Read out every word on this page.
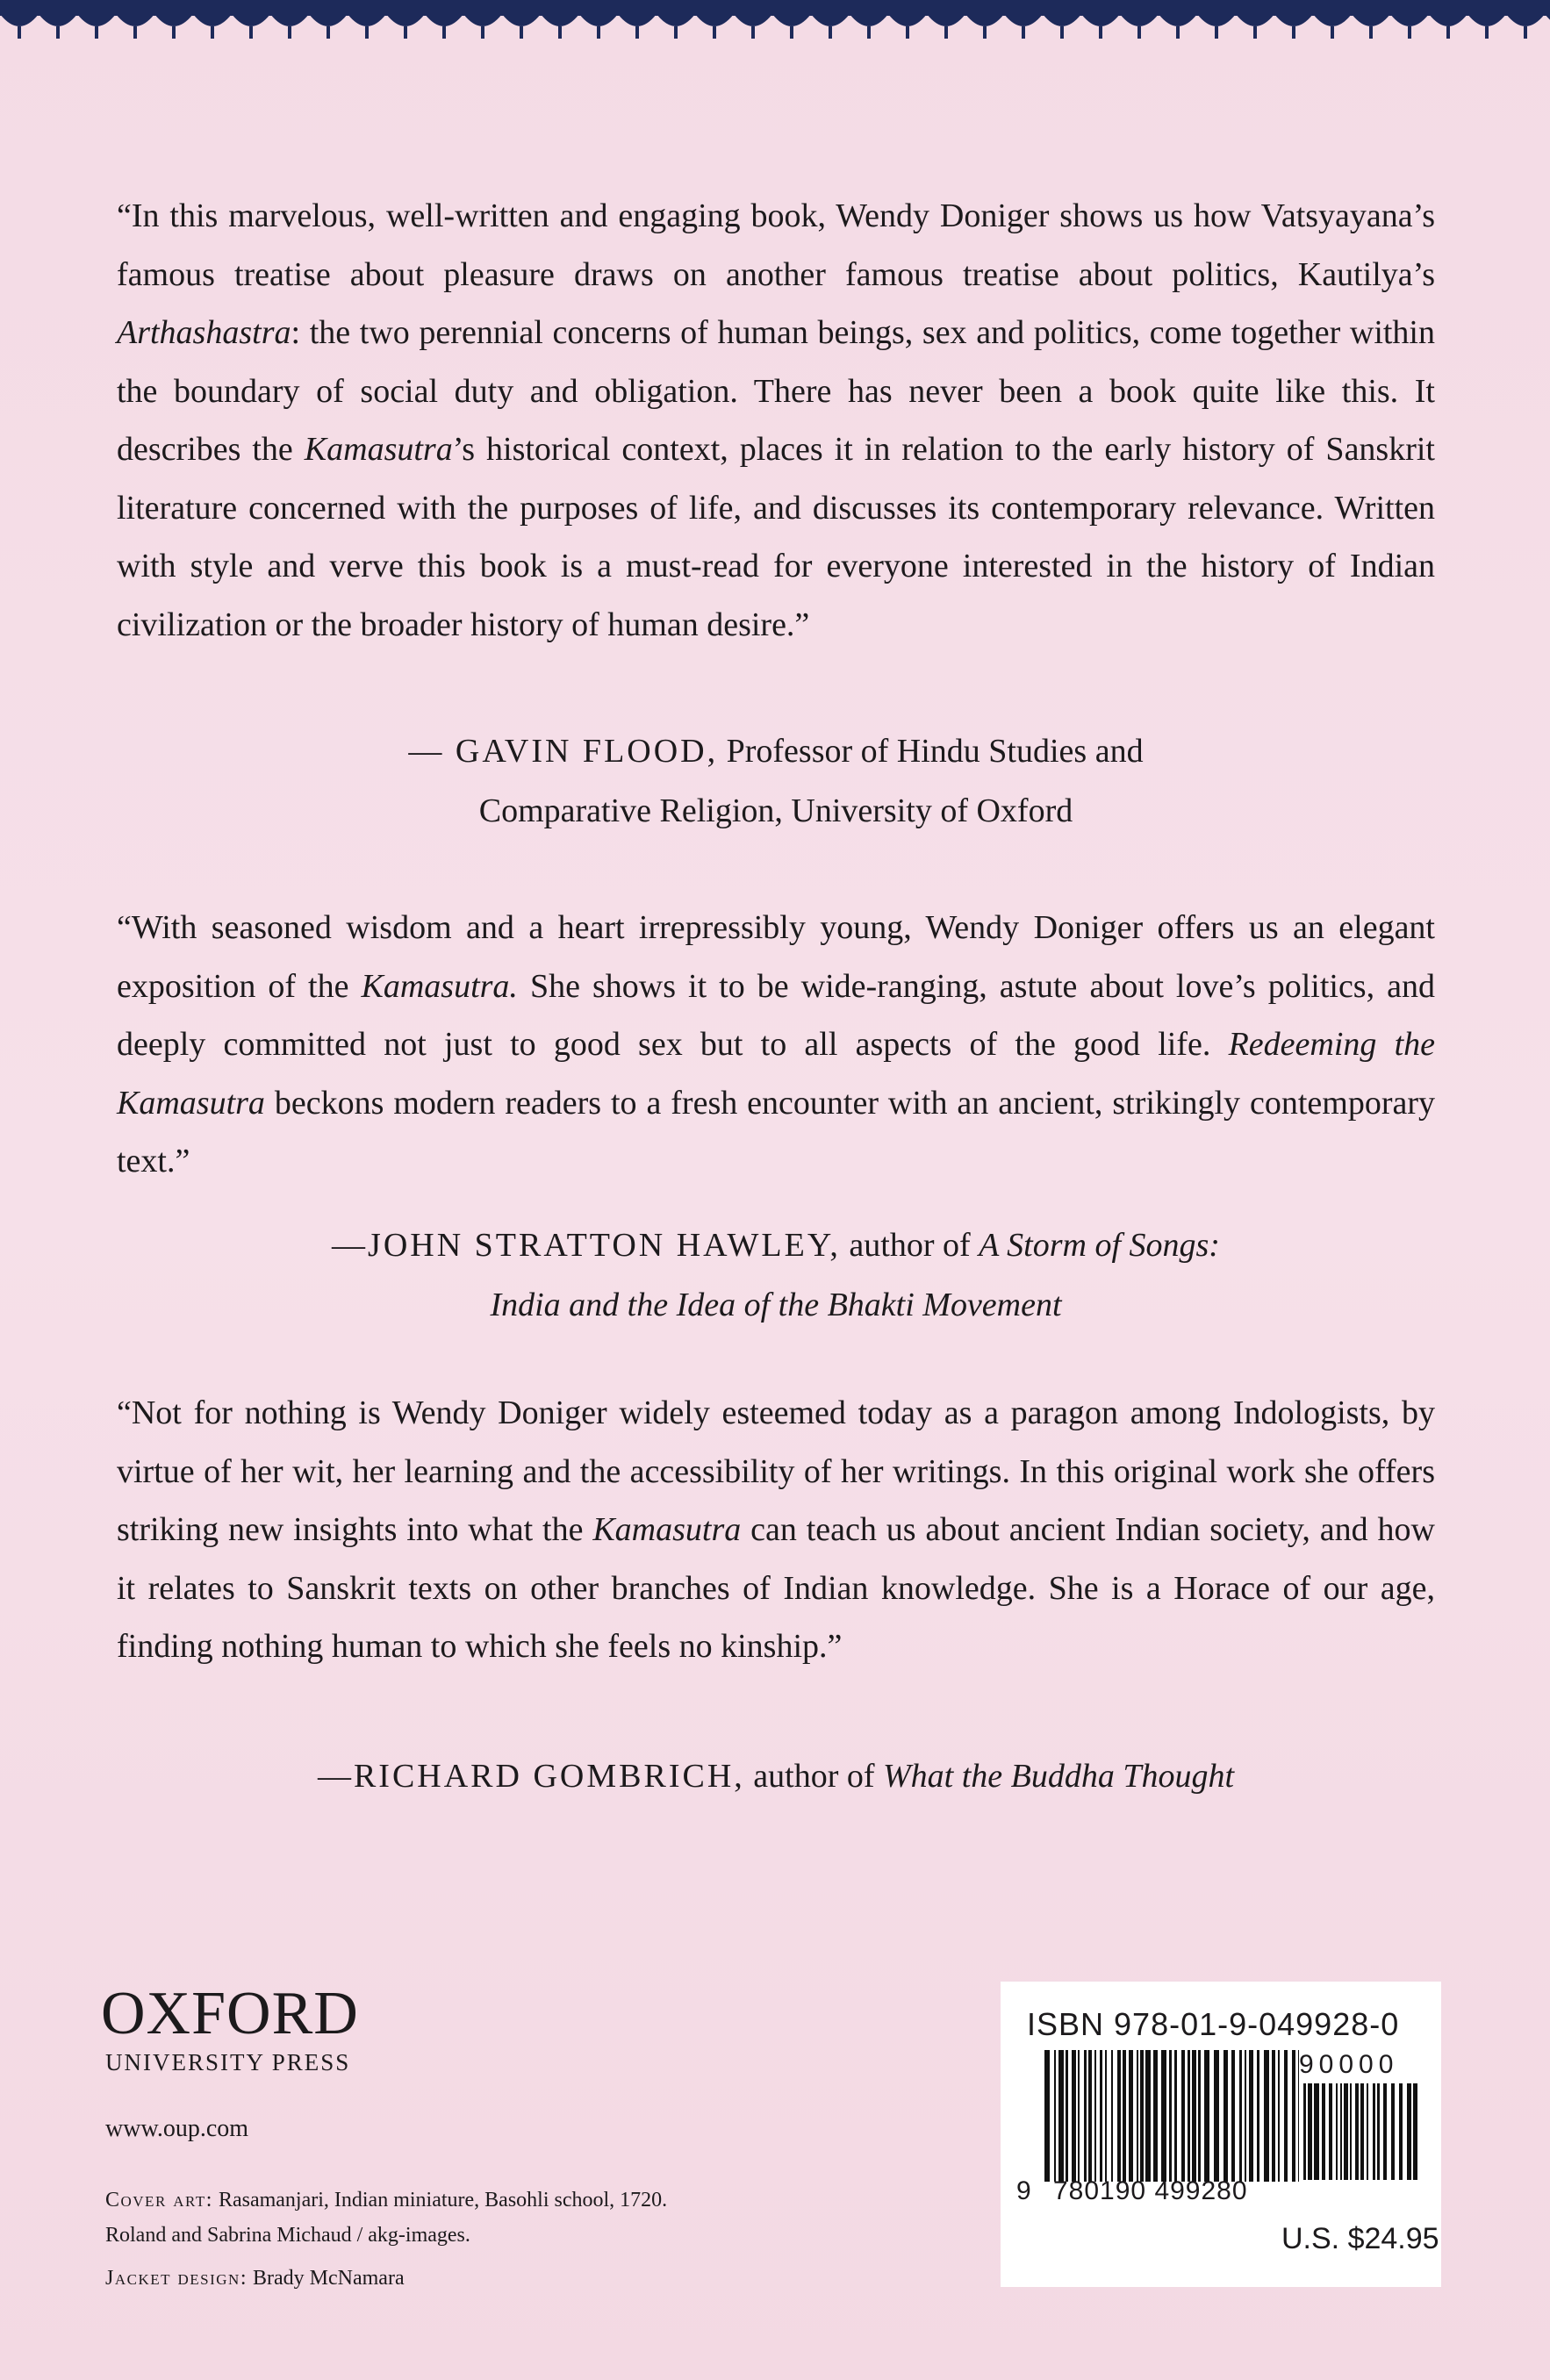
“In this marvelous, well-written and engaging book, Wendy Doniger shows us how Vatsyayana’s famous treatise about pleasure draws on another famous treatise about politics, Kautilya’s Arthashastra: the two perennial concerns of human beings, sex and politics, come together within the boundary of social duty and obligation. There has never been a book quite like this. It describes the Kamasutra’s historical context, places it in relation to the early history of Sanskrit literature concerned with the purposes of life, and discusses its contemporary relevance. Written with style and verve this book is a must-read for everyone interested in the history of Indian civilization or the broader history of human desire.”

— GAVIN FLOOD, Professor of Hindu Studies and
Comparative Religion, University of Oxford

“With seasoned wisdom and a heart irrepressibly young, Wendy Doniger offers us an elegant exposition of the Kamasutra. She shows it to be wide-ranging, astute about love’s politics, and deeply committed not just to good sex but to all aspects of the good life. Redeeming the Kamasutra beckons modern readers to a fresh encounter with an ancient, strikingly contemporary text.”

—JOHN STRATTON HAWLEY, author of A Storm of Songs:
India and the Idea of the Bhakti Movement

“Not for nothing is Wendy Doniger widely esteemed today as a paragon among Indologists, by virtue of her wit, her learning and the accessibility of her writings. In this original work she offers striking new insights into what the Kamasutra can teach us about ancient Indian society, and how it relates to Sanskrit texts on other branches of Indian knowledge. She is a Horace of our age, finding nothing human to which she feels no kinship.”

—RICHARD GOMBRICH, author of What the Buddha Thought
OXFORD
UNIVERSITY PRESS
www.oup.com
Cover art: Rasamanjari, Indian miniature, Basohli school, 1720.
Roland and Sabrina Michaud / akg-images.
Jacket design: Brady McNamara
ISBN 978-01-9-049928-0
90000
9 780190 499280
U.S. $24.95
